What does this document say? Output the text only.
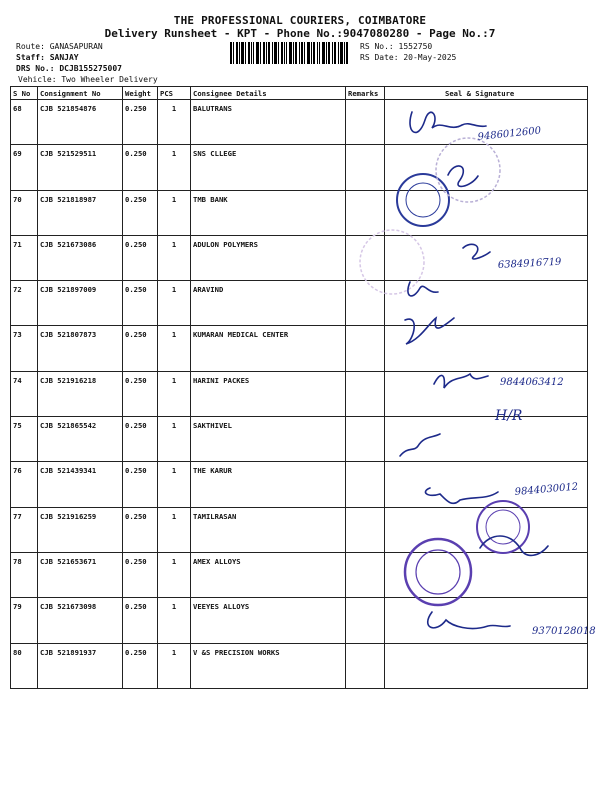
THE PROFESSIONAL COURIERS, COIMBATORE
Delivery Runsheet - KPT - Phone No.:9047080280 - Page No.:7
Route: GANASAPURAN
Staff: SANJAY
DRS No.: DCJB155275007
Vehicle: Two Wheeler Delivery
RS No.: 1552750
RS Date: 20-May-2025
S No	Consignment No	Weight	PCS	Consignee Details	Remarks	Seal & Signature
68	CJB 521854876	0.250	1	BALUTRANS		
69	CJB 521529511	0.250	1	SNS CLLEGE		
70	CJB 521818987	0.250	1	TMB BANK		
71	CJB 521673086	0.250	1	ADULON POLYMERS		
72	CJB 521897009	0.250	1	ARAVIND		
73	CJB 521807873	0.250	1	KUMARAN MEDICAL CENTER		
74	CJB 521916218	0.250	1	HARINI PACKES		
75	CJB 521865542	0.250	1	SAKTHIVEL		
76	CJB 521439341	0.250	1	THE KARUR		
77	CJB 521916259	0.250	1	TAMILRASAN		
78	CJB 521653671	0.250	1	AMEX ALLOYS		
79	CJB 521673098	0.250	1	VEEYES ALLOYS		
80	CJB 521891937	0.250	1	V &S PRECISION WORKS		
9486012600
6384916719
9844063412
H/R
9844030012
9370128018
